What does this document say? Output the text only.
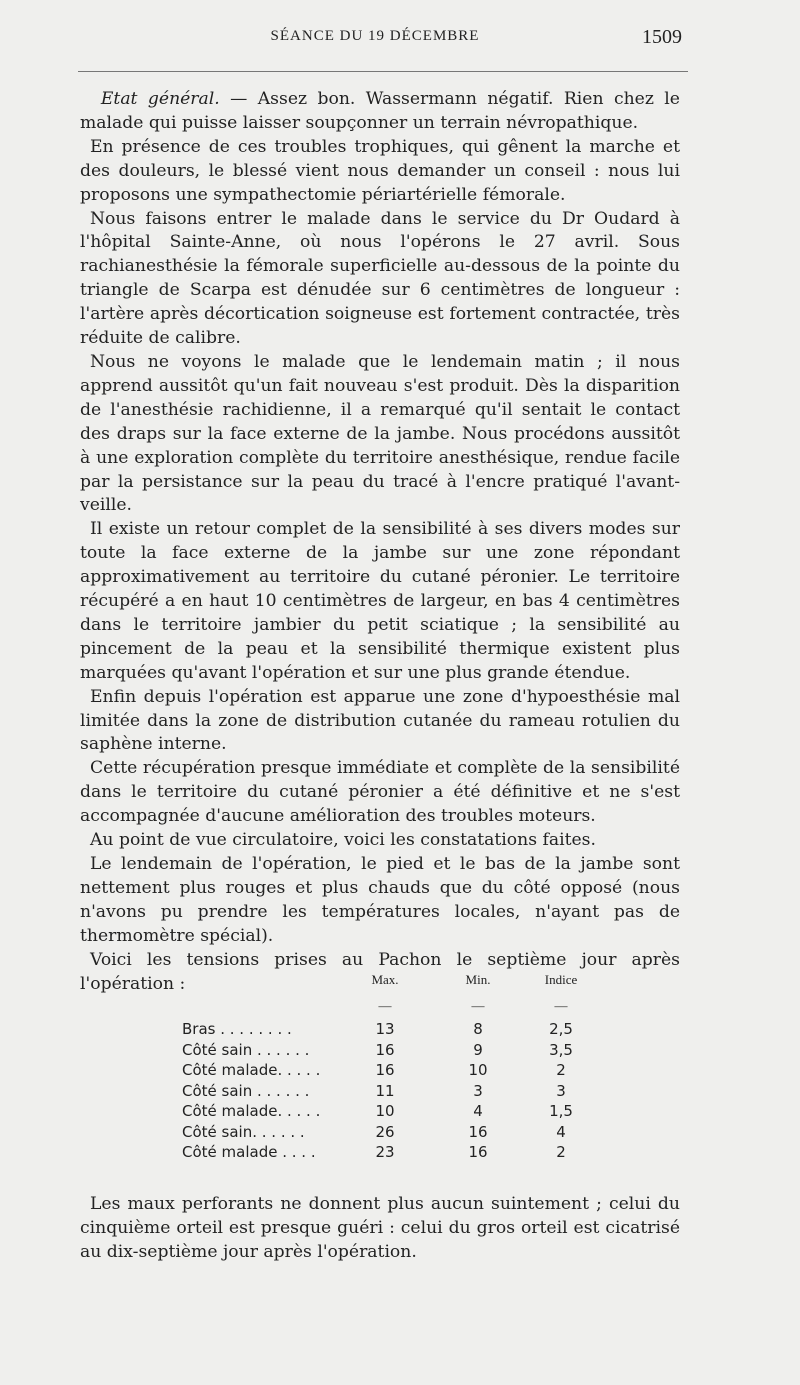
SÉANCE DU 19 DÉCEMBRE	1509

Etat général. — Assez bon. Wassermann négatif. Rien chez le malade qui puisse laisser soupçonner un terrain névropathique.

En présence de ces troubles trophiques, qui gênent la marche et des douleurs, le blessé vient nous demander un conseil : nous lui proposons une sympathectomie périartérielle fémorale.

Nous faisons entrer le malade dans le service du Dr Oudard à l'hôpital Sainte-Anne, où nous l'opérons le 27 avril. Sous rachianesthésie la fémorale superficielle au-dessous de la pointe du triangle de Scarpa est dénudée sur 6 centimètres de longueur : l'artère après décortication soigneuse est fortement contractée, très réduite de calibre.

Nous ne voyons le malade que le lendemain matin ; il nous apprend aussitôt qu'un fait nouveau s'est produit. Dès la disparition de l'anesthésie rachidienne, il a remarqué qu'il sentait le contact des draps sur la face externe de la jambe. Nous procédons aussitôt à une exploration complète du territoire anesthésique, rendue facile par la persistance sur la peau du tracé à l'encre pratiqué l'avant-veille.

Il existe un retour complet de la sensibilité à ses divers modes sur toute la face externe de la jambe sur une zone répondant approximativement au territoire du cutané péronier. Le territoire récupéré a en haut 10 centimètres de largeur, en bas 4 centimètres dans le territoire jambier du petit sciatique ; la sensibilité au pincement de la peau et la sensibilité thermique existent plus marquées qu'avant l'opération et sur une plus grande étendue.

Enfin depuis l'opération est apparue une zone d'hypoesthésie mal limitée dans la zone de distribution cutanée du rameau rotulien du saphène interne.

Cette récupération presque immédiate et complète de la sensibilité dans le territoire du cutané péronier a été définitive et ne s'est accompagnée d'aucune amélioration des troubles moteurs.

Au point de vue circulatoire, voici les constatations faites.

Le lendemain de l'opération, le pied et le bas de la jambe sont nettement plus rouges et plus chauds que du côté opposé (nous n'avons pu prendre les températures locales, n'ayant pas de thermomètre spécial).

Voici les tensions prises au Pachon le septième jour après l'opération :	Max.	Min.	Indice
—	—	—
Bras . . . . . . . .	13	8	2,5
Côté sain . . . . . .	16	9	3,5
Côté malade. . . . .	16	10	2
Côté sain . . . . . .	11	3	3
Côté malade. . . . .	10	4	1,5
Côté sain. . . . . .	26	16	4
Côté malade . . . .	23	16	2

Les maux perforants ne donnent plus aucun suintement ; celui du cinquième orteil est presque guéri : celui du gros orteil est cicatrisé au dix-septième jour après l'opération.
